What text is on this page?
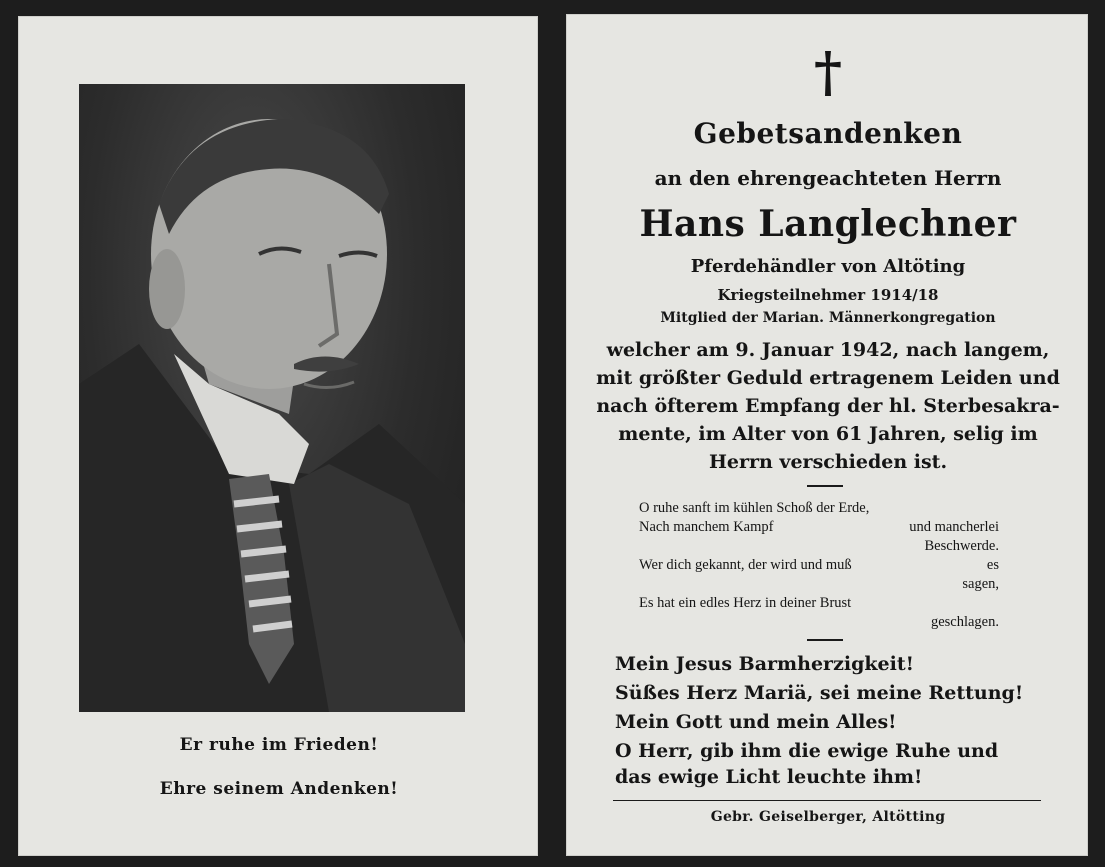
Er ruhe im Frieden!
Ehre seinem Andenken!
†
Gebetsandenken
an den ehrengeachteten Herrn
Hans Langlechner
Pferdehändler von Altöting
Kriegsteilnehmer 1914/18
Mitglied der Marian. Männerkongregation
welcher am 9. Januar 1942, nach langem,
mit größter Geduld ertragenem Leiden und
nach öfterem Empfang der hl. Sterbesakra-
mente, im Alter von 61 Jahren, selig im
Herrn verschieden ist.
O ruhe sanft im kühlen Schoß der Erde,
Nach manchem Kampf	und mancherlei
Beschwerde.
Wer dich gekannt, der wird und muß	es
sagen,
Es hat ein edles Herz in deiner Brust
geschlagen.
Mein Jesus Barmherzigkeit!
Süßes Herz Mariä, sei meine Rettung!
Mein Gott und mein Alles!
O Herr, gib ihm die ewige Ruhe und
das ewige Licht leuchte ihm!
Gebr. Geiselberger, Altötting
